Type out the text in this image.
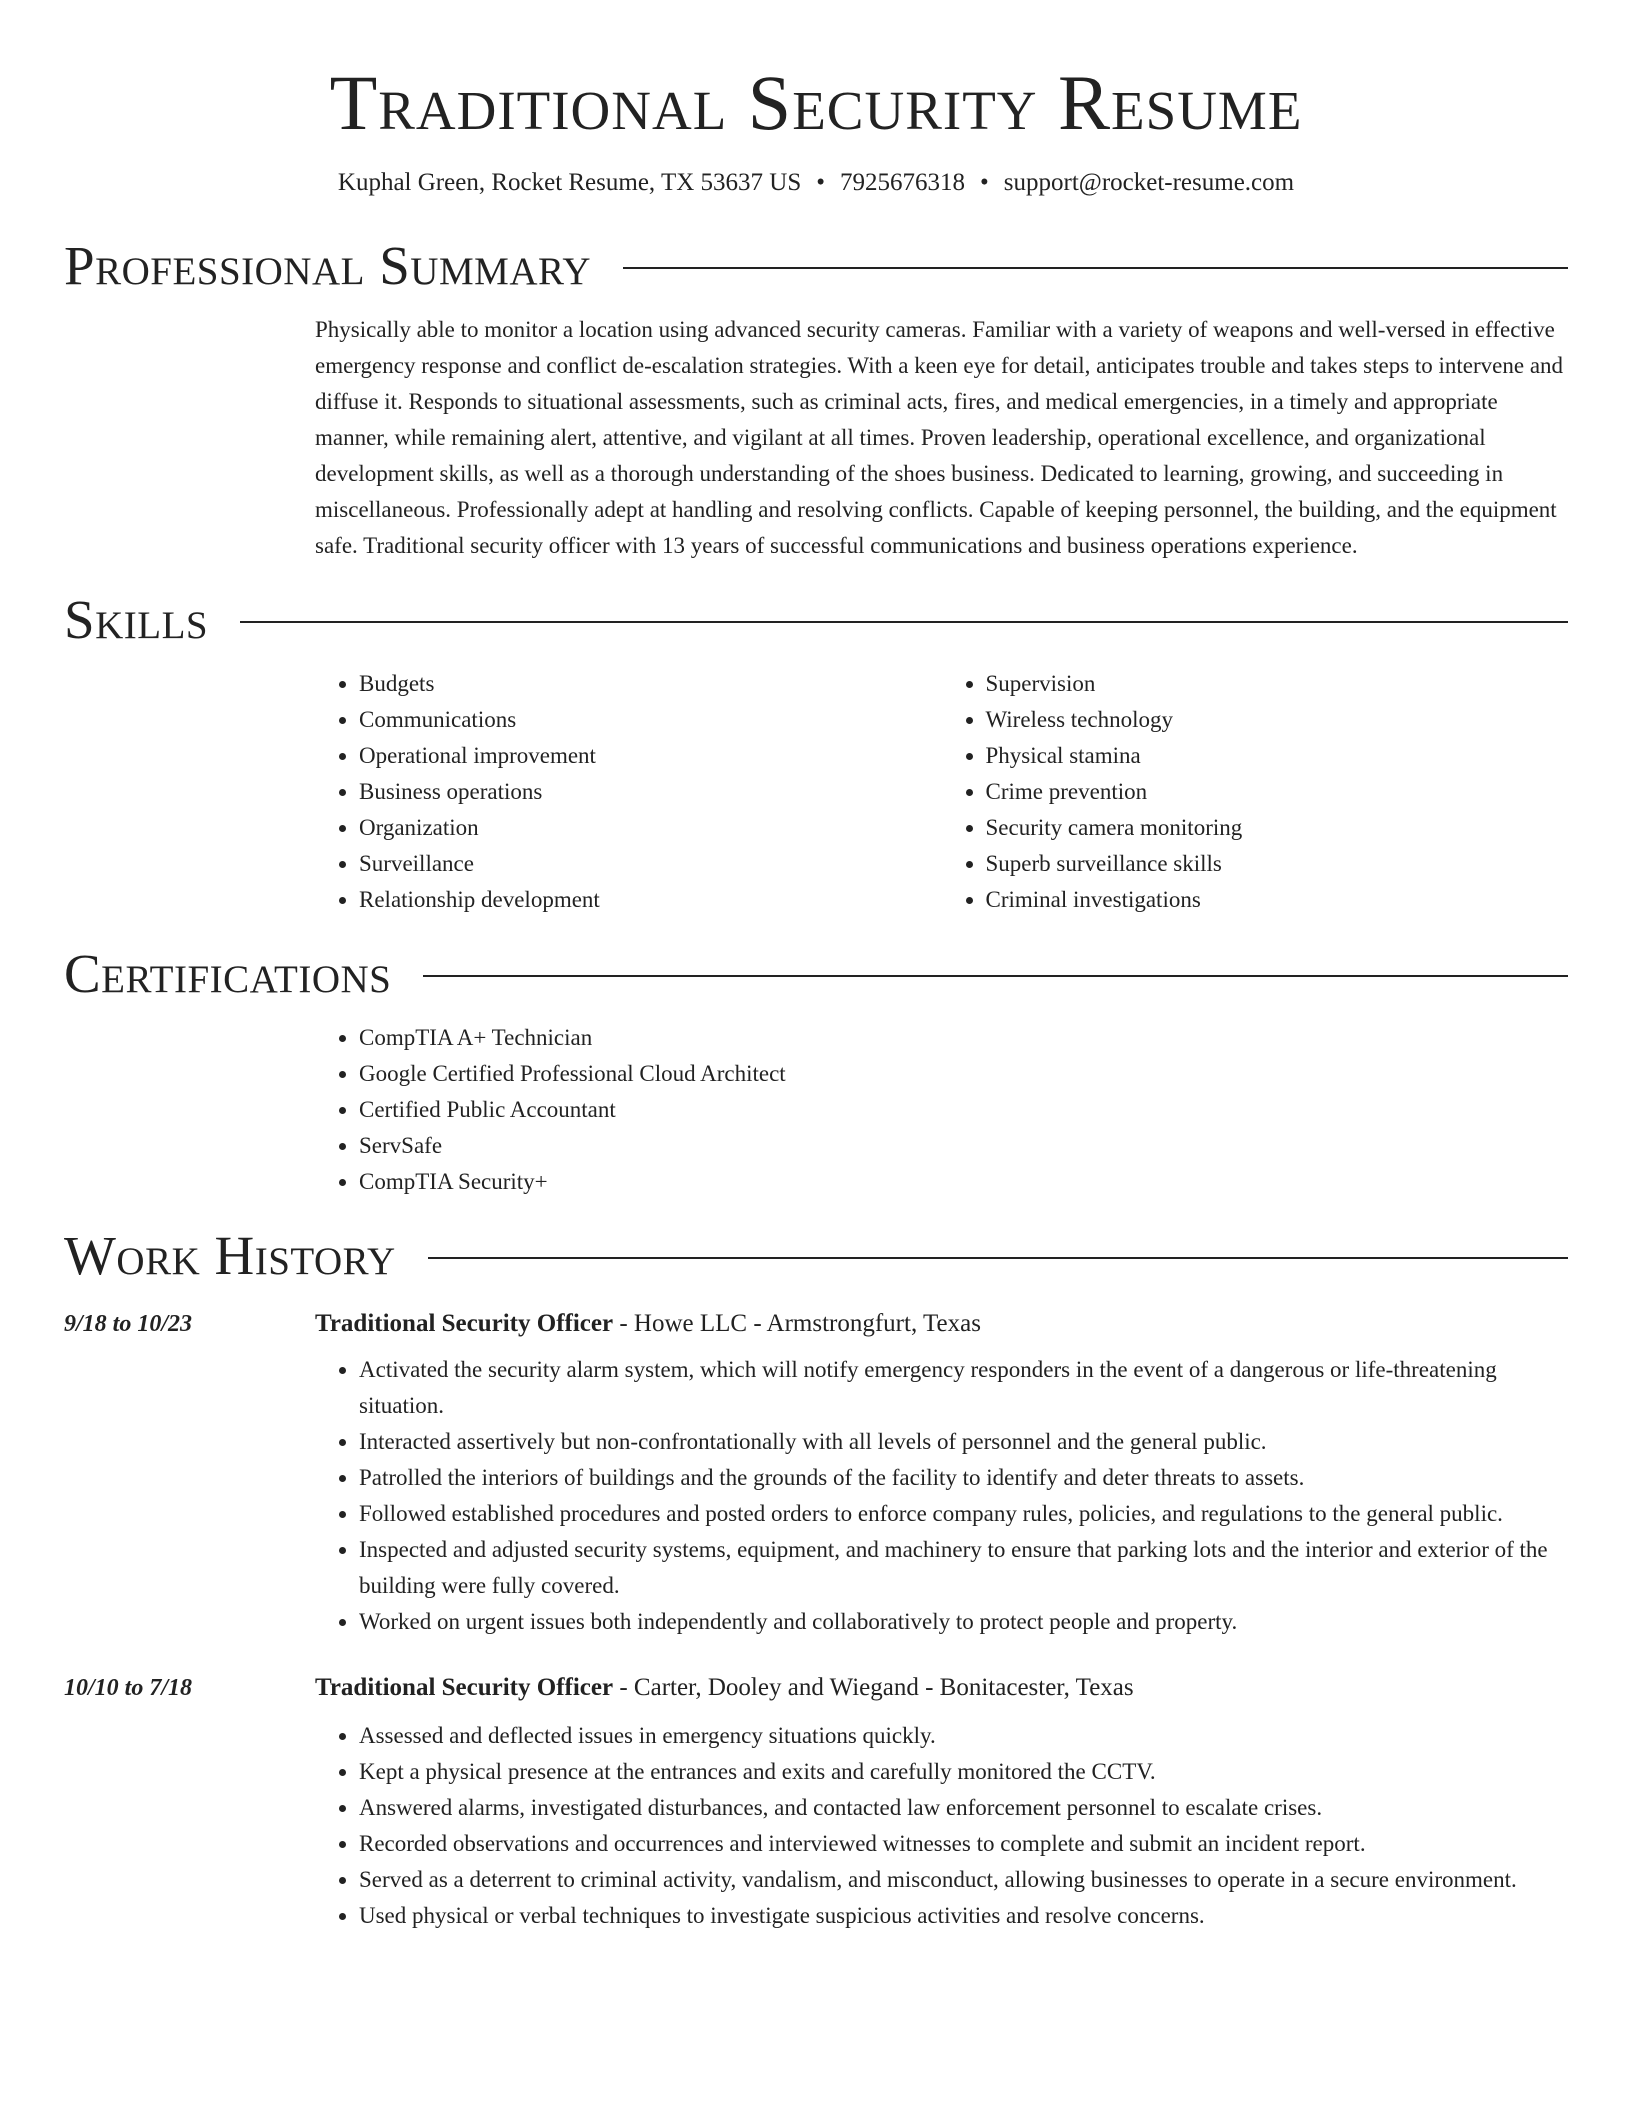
Traditional Security Resume
Kuphal Green, Rocket Resume, TX 53637 US • 7925676318 • support@rocket-resume.com
Professional Summary

Physically able to monitor a location using advanced security cameras. Familiar with a variety of weapons and well-versed in effective emergency response and conflict de-escalation strategies. With a keen eye for detail, anticipates trouble and takes steps to intervene and diffuse it. Responds to situational assessments, such as criminal acts, fires, and medical emergencies, in a timely and appropriate manner, while remaining alert, attentive, and vigilant at all times. Proven leadership, operational excellence, and organizational development skills, as well as a thorough understanding of the shoes business. Dedicated to learning, growing, and succeeding in miscellaneous. Professionally adept at handling and resolving conflicts. Capable of keeping personnel, the building, and the equipment safe. Traditional security officer with 13 years of successful communications and business operations experience.

Skills
• Budgets
• Communications
• Operational improvement
• Business operations
• Organization
• Surveillance
• Relationship development
• Supervision
• Wireless technology
• Physical stamina
• Crime prevention
• Security camera monitoring
• Superb surveillance skills
• Criminal investigations
Certifications
• CompTIA A+ Technician
• Google Certified Professional Cloud Architect
• Certified Public Accountant
• ServSafe
• CompTIA Security+
Work History
9/18 to 10/23	Traditional Security Officer - Howe LLC - Armstrongfurt, Texas
• Activated the security alarm system, which will notify emergency responders in the event of a dangerous or life-threatening situation.
• Interacted assertively but non-confrontationally with all levels of personnel and the general public.
• Patrolled the interiors of buildings and the grounds of the facility to identify and deter threats to assets.
• Followed established procedures and posted orders to enforce company rules, policies, and regulations to the general public.
• Inspected and adjusted security systems, equipment, and machinery to ensure that parking lots and the interior and exterior of the building were fully covered.
• Worked on urgent issues both independently and collaboratively to protect people and property.
10/10 to 7/18	Traditional Security Officer - Carter, Dooley and Wiegand - Bonitacester, Texas
• Assessed and deflected issues in emergency situations quickly.
• Kept a physical presence at the entrances and exits and carefully monitored the CCTV.
• Answered alarms, investigated disturbances, and contacted law enforcement personnel to escalate crises.
• Recorded observations and occurrences and interviewed witnesses to complete and submit an incident report.
• Served as a deterrent to criminal activity, vandalism, and misconduct, allowing businesses to operate in a secure environment.
• Used physical or verbal techniques to investigate suspicious activities and resolve concerns.
